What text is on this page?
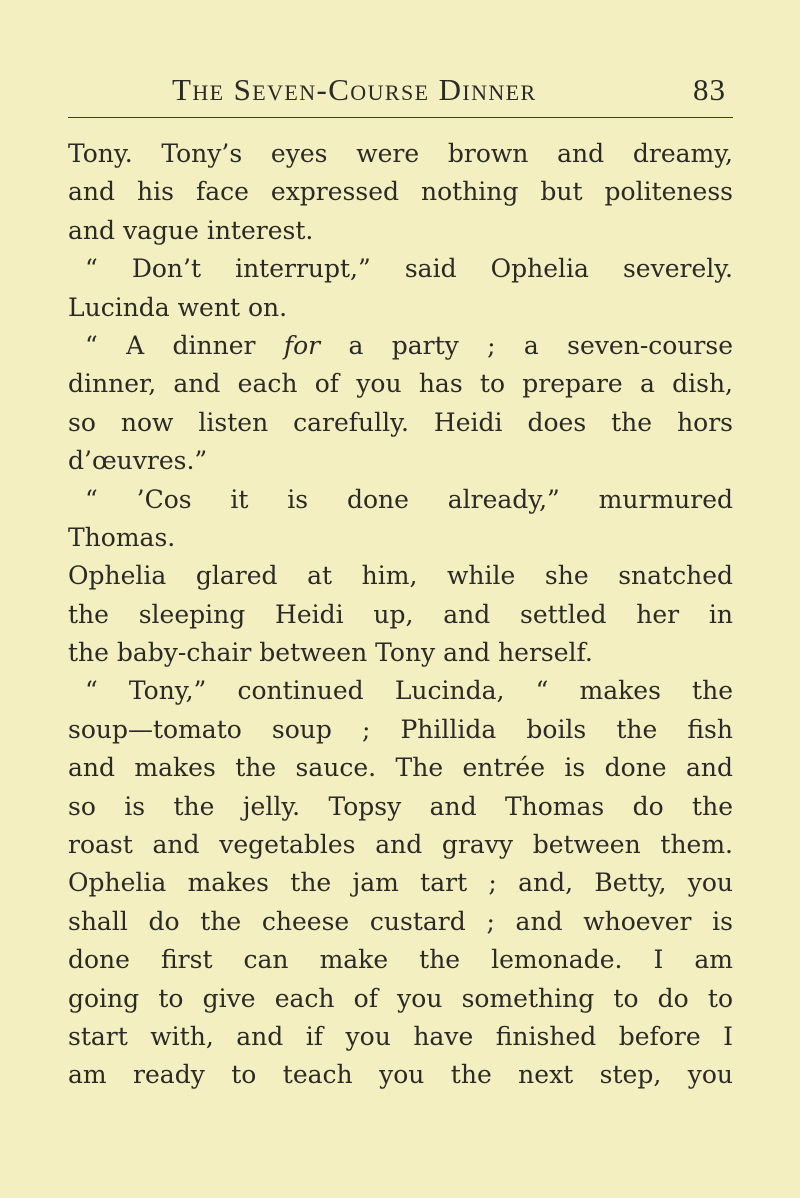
The Seven-Course Dinner	83
Tony. Tony’s eyes were brown and dreamy,
and his face expressed nothing but politeness
and vague interest.
“ Don’t interrupt,” said Ophelia severely.
Lucinda went on.
“ A dinner for a party ; a seven-course
dinner, and each of you has to prepare a dish,
so now listen carefully. Heidi does the hors
d’œuvres.”
“ ’Cos it is done already,” murmured
Thomas.
Ophelia glared at him, while she snatched
the sleeping Heidi up, and settled her in
the baby-chair between Tony and herself.
“ Tony,” continued Lucinda, “ makes the
soup—tomato soup ; Phillida boils the fish
and makes the sauce. The entrée is done and
so is the jelly. Topsy and Thomas do the
roast and vegetables and gravy between them.
Ophelia makes the jam tart ; and, Betty, you
shall do the cheese custard ; and whoever is
done first can make the lemonade. I am
going to give each of you something to do to
start with, and if you have finished before I
am ready to teach you the next step, you
